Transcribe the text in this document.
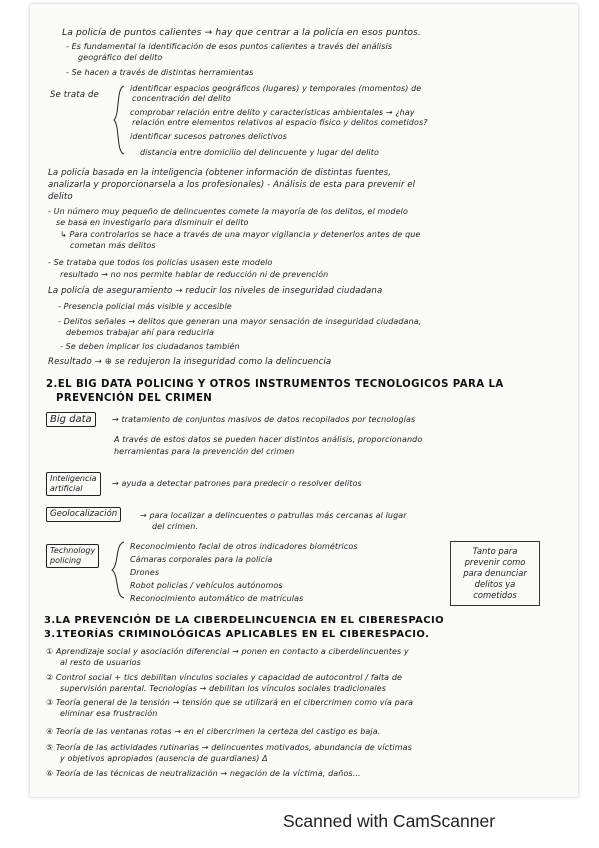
La policía de puntos calientes → hay que centrar a la policía en esos puntos.
- Es fundamental la identificación de esos puntos calientes a través del análisis
geográfico del delito
- Se hacen a través de distintas herramientas
Se trata de
identificar espacios geográficos (lugares) y temporales (momentos) de
concentración del delito
comprobar relación entre delito y características ambientales → ¿hay
relación entre elementos relativos al espacio físico y delitos cometidos?
identificar sucesos patrones delictivos
distancia entre domicilio del delincuente y lugar del delito
La policía basada en la inteligencia (obtener información de distintas fuentes,
analizarla y proporcionarsela a los profesionales) - Análisis de esta para prevenir el
delito
- Un número muy pequeño de delincuentes comete la mayoría de los delitos, el modelo
se basa en investigarlo para disminuir el delito
↳ Para controlarlos se hace a través de una mayor vigilancia y detenerlos antes de que
cometan más delitos
- Se trataba que todos los policías usasen este modelo
resultado → no nos permite hablar de reducción ni de prevención
La policía de aseguramiento → reducir los niveles de inseguridad ciudadana
- Presencia policial más visible y accesible
- Delitos señales → delitos que generan una mayor sensación de inseguridad ciudadana,
debemos trabajar ahí para reducirla
- Se deben implicar los ciudadanos también
Resultado → ⊕ se redujeron la inseguridad como la delincuencia
2.EL BIG DATA POLICING Y OTROS INSTRUMENTOS TECNOLOGICOS PARA LA
PREVENCIÓN DEL CRIMEN
Big data	→ tratamiento de conjuntos masivos de datos recopilados por tecnologías
A través de estos datos se pueden hacer distintos análisis, proporcionando
herramientas para la prevención del crimen
Inteligencia
artificial
→ ayuda a detectar patrones para predecir o resolver delitos
Geolocalización	→ para localizar a delincuentes o patrullas más cercanas al lugar
del crimen.
Technology
policing
Reconocimiento facial de otros indicadores biométricos
Cámaras corporales para la policía
Drones
Robot policías / vehículos autónomos
Reconocimiento automático de matrículas
Tanto para
prevenir como
para denunciar
delitos ya
cometidos
3.LA PREVENCIÓN DE LA CIBERDELINCUENCIA EN EL CIBERESPACIO
3.1TEORÍAS CRIMINOLÓGICAS APLICABLES EN EL CIBERESPACIO.
① Aprendizaje social y asociación diferencial → ponen en contacto a ciberdelincuentes y
al resto de usuarios
② Control social + tics debilitan vínculos sociales y capacidad de autocontrol / falta de
supervisión parental. Tecnologías → debilitan los vínculos sociales tradicionales
③ Teoría general de la tensión → tensión que se utilizará en el cibercrimen como vía para
eliminar esa frustración
④ Teoría de las ventanas rotas → en el cibercrimen la certeza del castigo es baja.
⑤ Teoría de las actividades rutinarias → delincuentes motivados, abundancia de víctimas
y objetivos apropiados (ausencia de guardianes) Δ
⑥ Teoría de las técnicas de neutralización → negación de la víctima, daños...
Scanned with CamScanner
